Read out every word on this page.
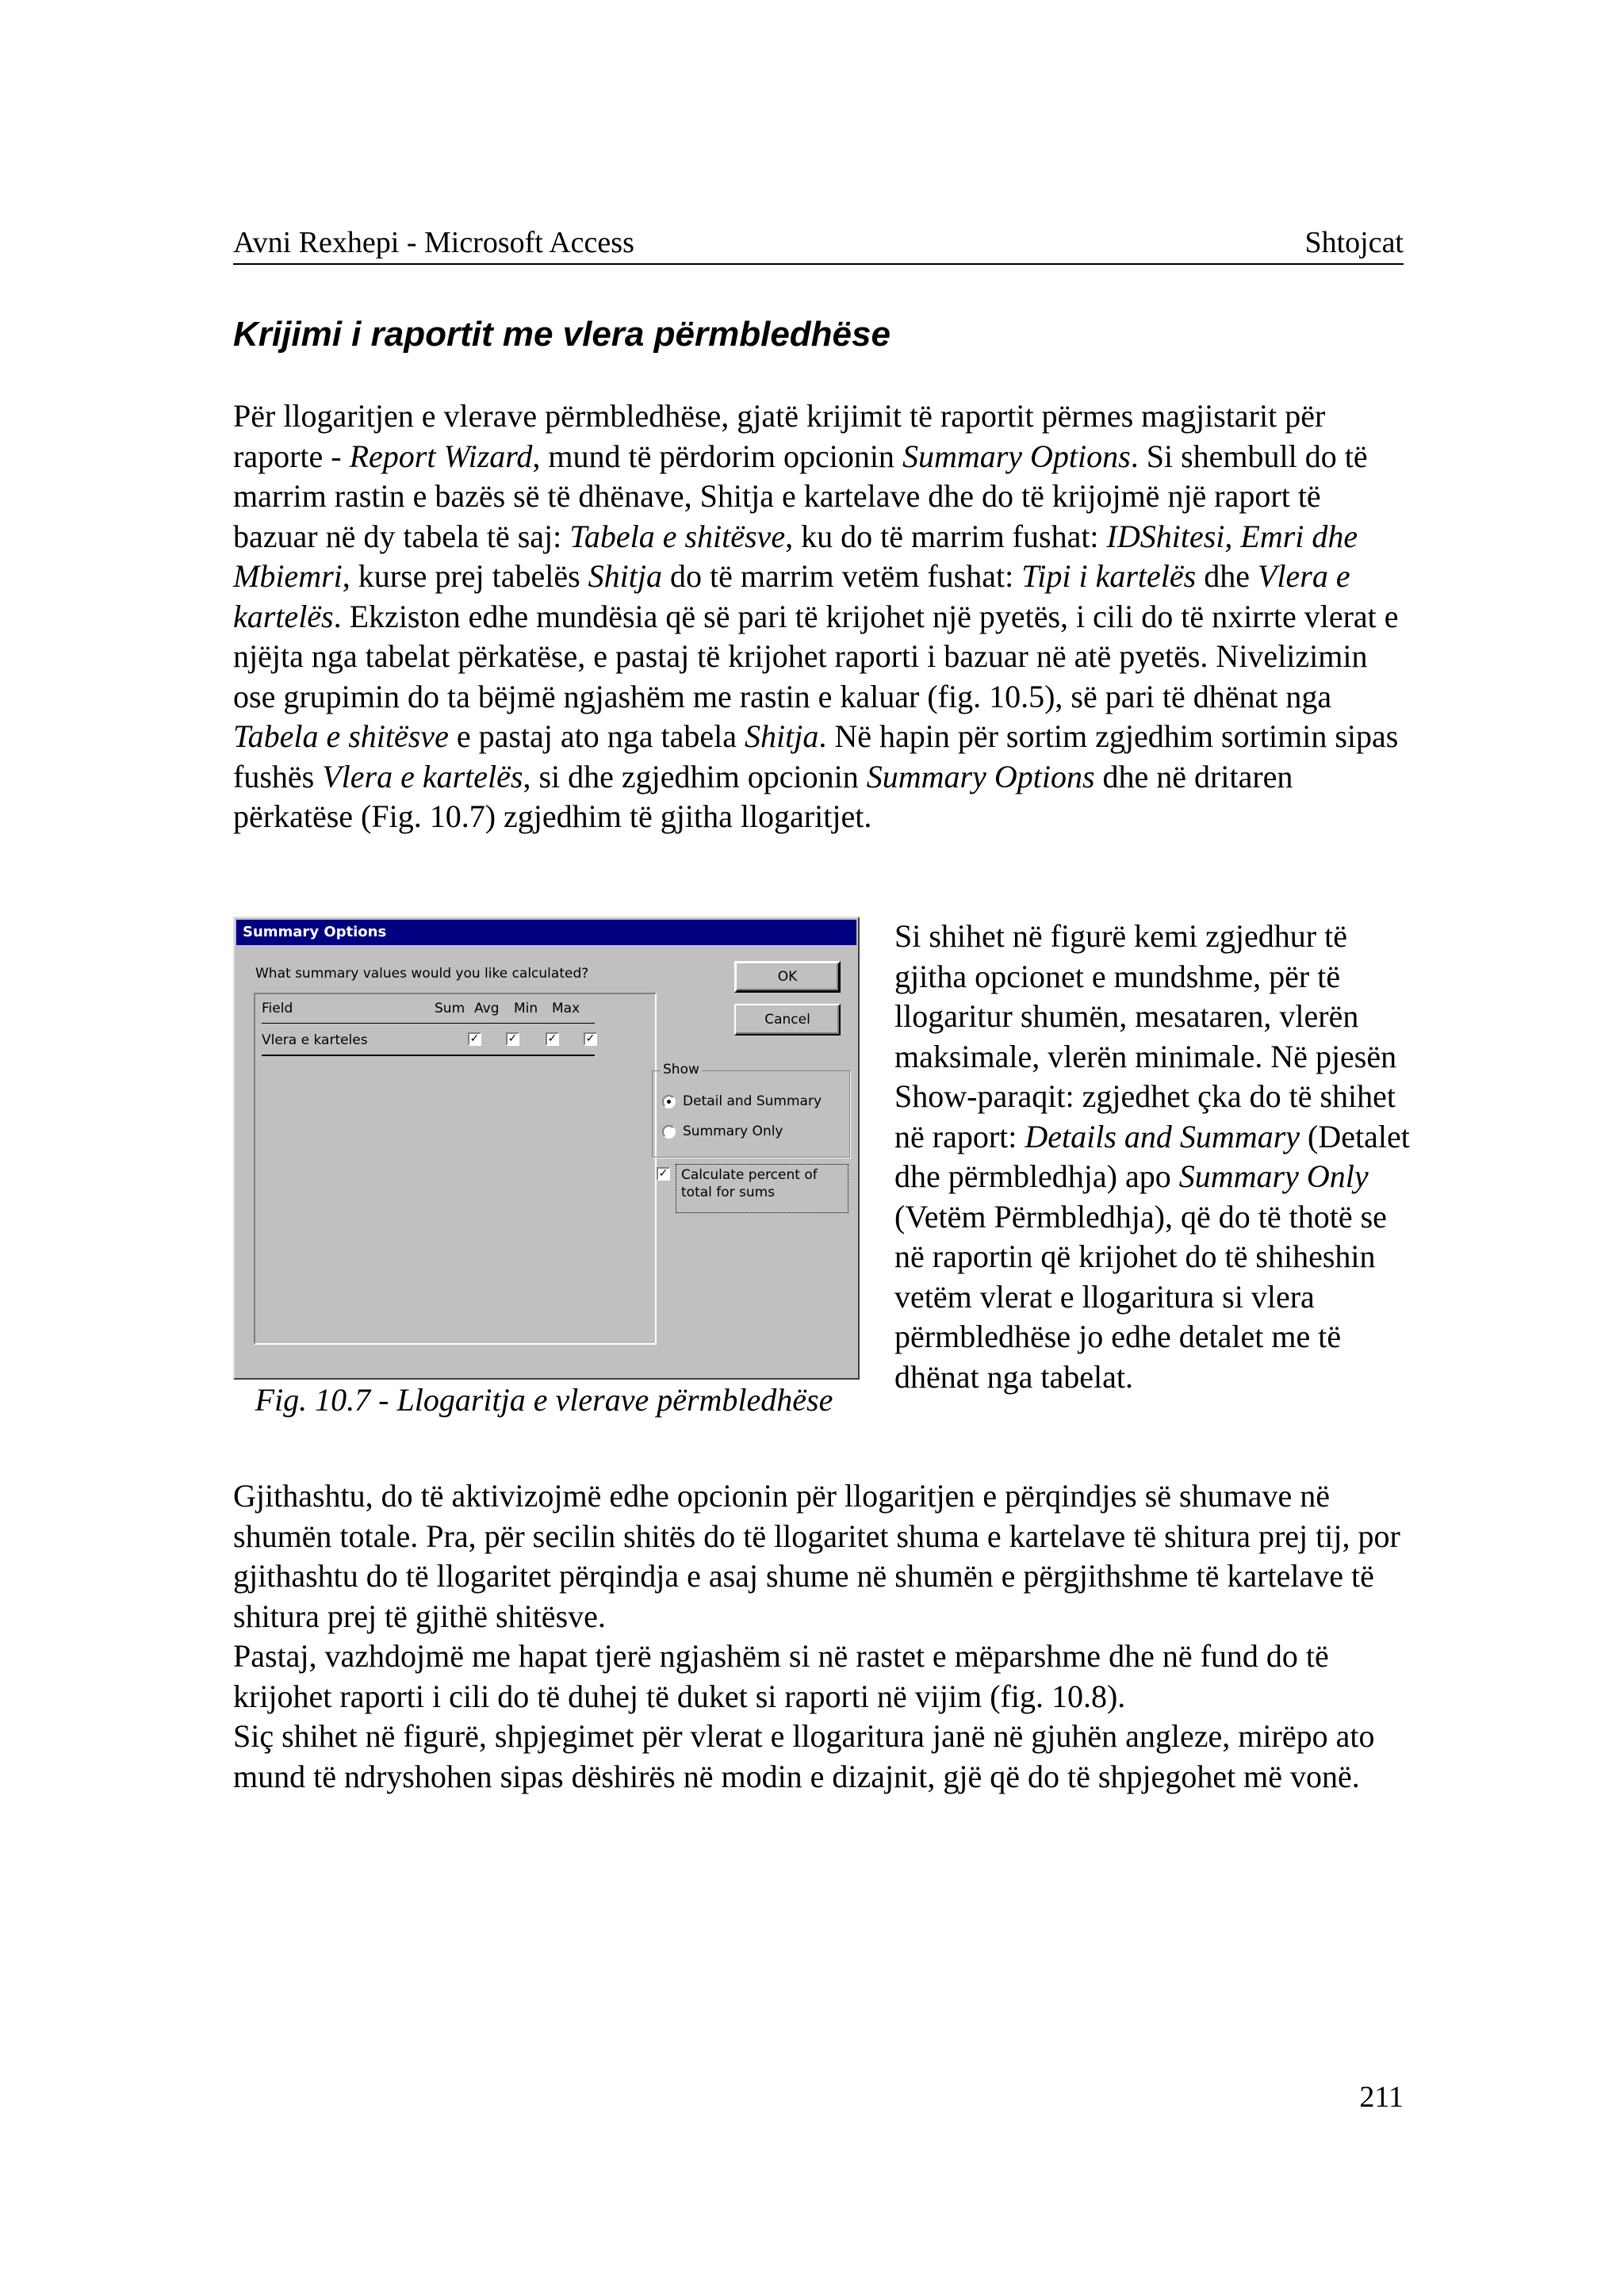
Avni Rexhepi - Microsoft Access	Shtojcat
Krijimi i raportit me vlera përmbledhëse

Për llogaritjen e vlerave përmbledhëse, gjatë krijimit të raportit përmes magjistarit për raporte - Report Wizard, mund të përdorim opcionin Summary Options. Si shembull do të marrim rastin e bazës së të dhënave, Shitja e kartelave dhe do të krijojmë një raport të bazuar në dy tabela të saj: Tabela e shitësve, ku do të marrim fushat: IDShitesi, Emri dhe Mbiemri, kurse prej tabelës Shitja do të marrim vetëm fushat: Tipi i kartelës dhe Vlera e kartelës. Ekziston edhe mundësia që së pari të krijohet një pyetës, i cili do të nxirrte vlerat e njëjta nga tabelat përkatëse, e pastaj të krijohet raporti i bazuar në atë pyetës. Nivelizimin ose grupimin do ta bëjmë ngjashëm me rastin e kaluar (fig. 10.5), së pari të dhënat nga Tabela e shitësve e pastaj ato nga tabela Shitja. Në hapin për sortim zgjedhim sortimin sipas fushës Vlera e kartelës, si dhe zgjedhim opcionin Summary Options dhe në dritaren përkatëse (Fig. 10.7) zgjedhim të gjitha llogaritjet.

Summary Options
What summary values would you like calculated?	OK
Cancel
Field	Sum Avg Min Max
Vlera e karteles	✓	✓	✓	✓
Show
Detail and Summary
Summary Only
✓ Calculate percent of total for sums

Fig. 10.7 - Llogaritja e vlerave përmbledhëse

Si shihet në figurë kemi zgjedhur të gjitha opcionet e mundshme, për të llogaritur shumën, mesataren, vlerën maksimale, vlerën minimale. Në pjesën Show-paraqit: zgjedhet çka do të shihet në raport: Details and Summary (Detalet dhe përmbledhja) apo Summary Only (Vetëm Përmbledhja), që do të thotë se në raportin që krijohet do të shiheshin vetëm vlerat e llogaritura si vlera përmbledhëse jo edhe detalet me të dhënat nga tabelat.

Gjithashtu, do të aktivizojmë edhe opcionin për llogaritjen e përqindjes së shumave në shumën totale. Pra, për secilin shitës do të llogaritet shuma e kartelave të shitura prej tij, por gjithashtu do të llogaritet përqindja e asaj shume në shumën e përgjithshme të kartelave të shitura prej të gjithë shitësve.

Pastaj, vazhdojmë me hapat tjerë ngjashëm si në rastet e mëparshme dhe në fund do të krijohet raporti i cili do të duhej të duket si raporti në vijim (fig. 10.8).

Siç shihet në figurë, shpjegimet për vlerat e llogaritura janë në gjuhën angleze, mirëpo ato mund të ndryshohen sipas dëshirës në modin e dizajnit, gjë që do të shpjegohet më vonë.

211
